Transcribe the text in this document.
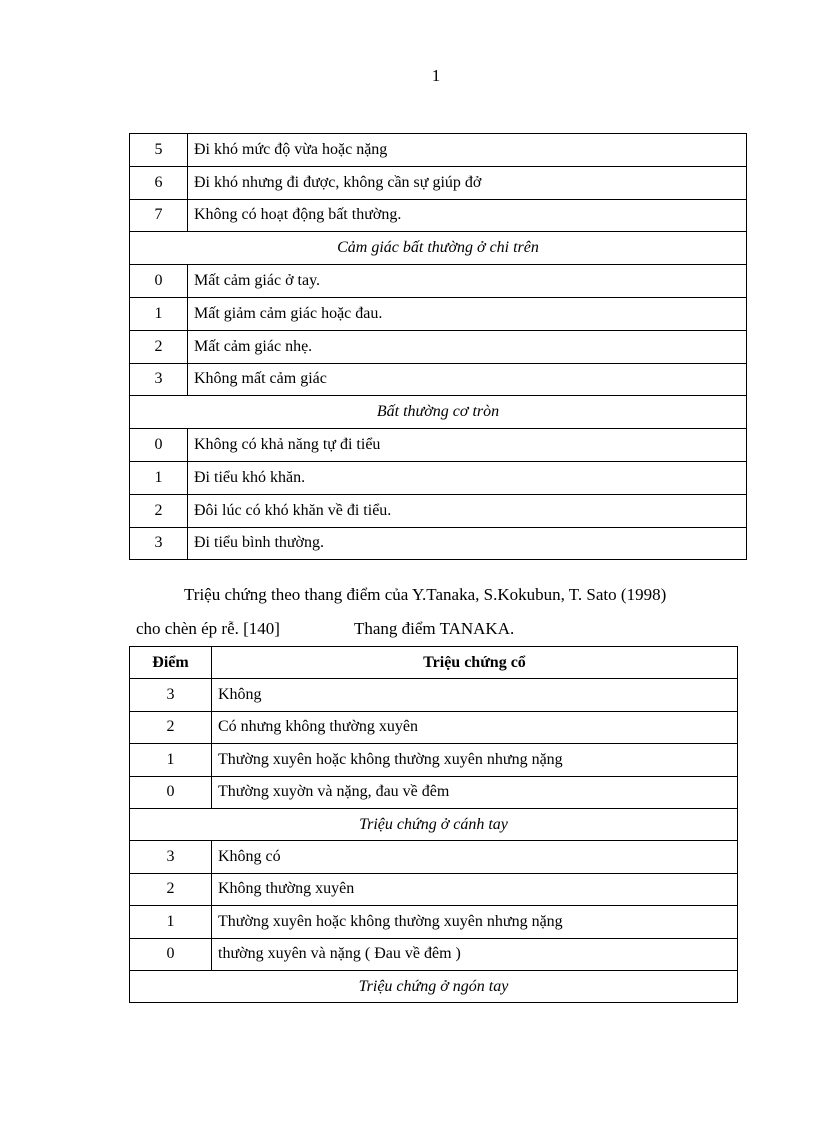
1
5	Đi khó mức độ vừa hoặc nặng
6	Đi khó nhưng đi được, không cần sự giúp đở
7	Không có hoạt động bất thường.
Cảm giác bất thường ở chi trên	
0	Mất cảm giác ở tay.
1	Mất giảm cảm giác hoặc đau.
2	Mất cảm giác nhẹ.
3	Không mất cảm giác
Bất thường cơ tròn	
0	Không có khả năng tự đi tiểu
1	Đi tiểu khó khăn.
2	Đôi lúc có khó khăn về đi tiểu.
3	Đi tiểu bình thường.
Triệu chứng theo thang điểm của Y.Tanaka, S.Kokubun, T. Sato (1998)
cho chèn ép rễ. [140]	Thang điểm TANAKA.
Điểm	Triệu chứng cổ
3	Không
2	Có nhưng không thường xuyên
1	Thường xuyên hoặc không thường xuyên nhưng nặng
0	Thường xuyờn và nặng, đau về đêm
Triệu chứng ở cánh tay	
3	Không có
2	Không thường xuyên
1	Thường xuyên hoặc không thường xuyên nhưng nặng
0	thường xuyên và nặng ( Đau về đêm )
Triệu chứng ở ngón tay	
